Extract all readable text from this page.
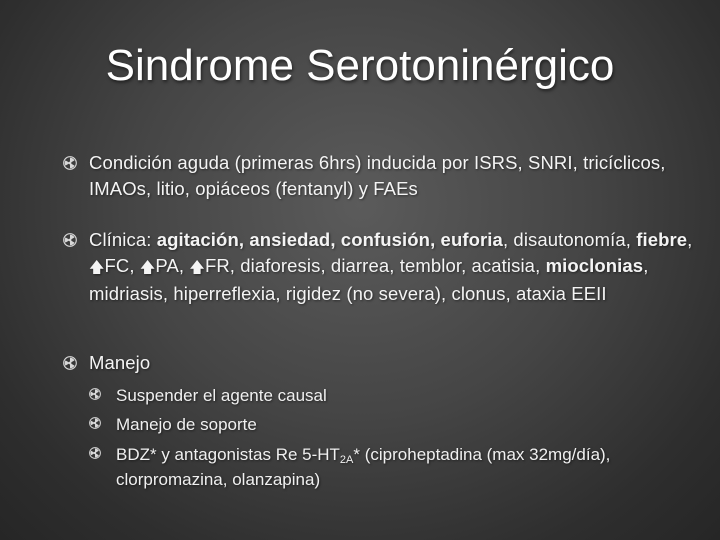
Sindrome Serotoninérgico
Condición aguda (primeras 6hrs) inducida por ISRS, SNRI, tricíclicos, IMAOs, litio, opiáceos (fentanyl) y FAEs
Clínica: agitación, ansiedad, confusión, euforia, disautonomía, fiebre, 🡅FC, 🡅PA, 🡅FR, diaforesis, diarrea, temblor, acatisia, mioclonias, midriasis, hiperreflexia, rigidez (no severa), clonus, ataxia EEII
Manejo
Suspender el agente causal
Manejo de soporte
BDZ* y antagonistas Re $5-HT_{2A}*$ (ciproheptadina (max 32mg/día), clorpromazina, olanzapina)
